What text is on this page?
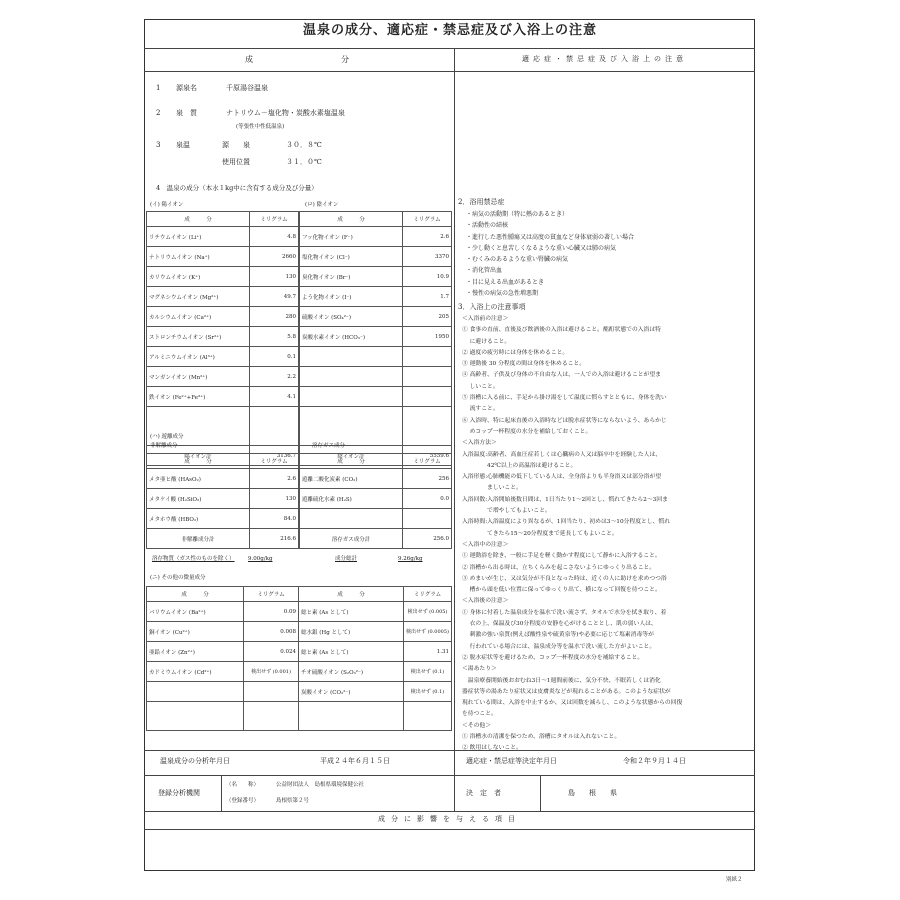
温泉の成分、適応症・禁忌症及び入浴上の注意
成　　　　　　　分	適応症・禁忌症及び入浴上の注意
1 源泉名	千原湯谷温泉
2 泉　質	ナトリウム－塩化物・炭酸水素塩温泉
(等張性中性低温泉)
3 泉温	源　　泉	３０．８℃
使用位置	３１．０℃
4　温泉の成分（本水１kg中に含有する成分及び分量）
(イ) 陽イオン	(ロ) 陰イオン
成　　　分	ミリグラム
リチウムイオン (Li⁺)	4.8
ナトリウムイオン (Na⁺)	2660
カリウムイオン (K⁺)	130
マグネシウムイオン (Mg²⁺)	49.7
カルシウムイオン (Ca²⁺)	280
ストロンチウムイオン (Sr²⁺)	5.8
アルミニウムイオン (Al³⁺)	0.1
マンガンイオン (Mn²⁺)	2.2
鉄イオン (Fe²⁺+Fe³⁺)	4.1

陽イオン計	3136.7
成　　　分	ミリグラム
フッ化物イオン (F⁻)	2.6
塩化物イオン (Cl⁻)	3370
臭化物イオン (Br⁻)	10.9
よう化物イオン (I⁻)	1.7
硫酸イオン (SO₄²⁻)	205
炭酸水素イオン (HCO₃⁻)	1950

陰イオン計	5559.6
(ハ) 遊離成分
非解離成分	溶存ガス成分
成　　　分	ミリグラム
メタ亜ヒ酸 (HAsO₂)	2.6
メタケイ酸 (H₂SiO₃)	130
メタホウ酸 (HBO₂)	84.0
非解離成分計	216.6
成　　　分	ミリグラム
遊離二酸化炭素 (CO₂)	256
遊離硫化水素 (H₂S)	0.0

溶存ガス成分計	256.0
溶存物質（ガス性のものを除く） 9.00g/kg	成分総計	9.26g/kg
(ニ) その他の微量成分
成　　　分	ミリグラム	成　　　分	ミリグラム
バリウムイオン (Ba²⁺)	0.09	総ヒ素 (As として)	検出せず (0.005)
銅イオン (Cu²⁺)	0.008	総水銀 (Hg として)	検出せず (0.0005)
亜鉛イオン (Zn²⁺)	0.024	総ヒ素 (As として)	1.31
カドミウムイオン (Cd²⁺)	検出せず (0.001)	チオ硫酸イオン (S₂O₃²⁻)	検出せず (0.1)
		炭酸イオン (CO₃²⁻)	検出せず (0.1)

2．浴用禁忌症
・病気の活動期（特に熱のあるとき）
・活動性の結核
・進行した悪性腫瘍又は高度の貧血など身体衰弱の著しい場合
・少し動くと息苦しくなるような重い心臓又は肺の病気
・むくみのあるような重い腎臓の病気
・消化管出血
・目に見える出血があるとき
・慢性の病気の急性増悪期
3．入浴上の注意事項
＜入浴前の注意＞
① 食事の直前、直後及び飲酒後の入浴は避けること。酩酊状態での入浴は特
　 に避けること。
② 過度の疲労時には身体を休めること。
③ 運動後 30 分程度の間は身体を休めること。
④ 高齢者、子供及び身体の不自由な人は、一人での入浴は避けることが望ま
　 しいこと。
⑤ 浴槽に入る前に、手足から掛け湯をして温度に慣らすとともに、身体を洗い
　 流すこと。
⑥ 入浴時、特に起床直後の入浴時などは脱水症状等にならないよう、あらかじ
　 めコップ一杯程度の水分を補給しておくこと。
＜入浴方法＞
入浴温度:高齢者、高血圧症若しくは心臓病の人又は脳卒中を経験した人は、
　　　　 42℃以上の高温浴は避けること。
入浴形態:心肺機能の低下している人は、全身浴よりも半身浴又は部分浴が望
　　　　 ましいこと。
入浴回数:入浴開始後数日間は、1日当たり1～2回とし、慣れてきたら2～3回ま
　　　　 で増やしてもよいこと。
入浴時間:入浴温度により異なるが、1回当たり、初めは3～10分程度とし、慣れ
　　　　 てきたら15～20分程度まで延長してもよいこと。
＜入浴中の注意＞
① 運動浴を除き、一般に手足を軽く動かす程度にして静かに入浴すること。
② 浴槽から出る時は、立ちくらみを起こさないようにゆっくり出ること。
③ めまいが生じ、又は気分が不良となった時は、近くの人に助けを求めつつ浴
　 槽から頭を低い位置に保ってゆっくり出て、横になって回復を待つこと。
＜入浴後の注意＞
① 身体に付着した温泉成分を温水で洗い流さず、タオルで水分を拭き取り、着
　 衣の上、保温及び30分程度の安静を心がけることとし、肌の弱い人は、
　 刺激の強い泉質(例えば酸性泉や硫黄泉等)や必要に応じて塩素消毒等が
　 行われている場合には、温泉成分等を温水で洗い流した方がよいこと。
② 脱水症状等を避けるため、コップ一杯程度の水分を補給すること。
＜湯あたり＞
　温泉療養開始後おおむね3日～1週間前後に、気分不快、不眠若しくは消化
器症状等の湯あたり症状又は皮膚炎などが現れることがある。このような症状が
現れている間は、入浴を中止するか、又は回数を減らし、このような状態からの回復
を待つこと。
＜その他＞
① 浴槽水の清潔を保つため、浴槽にタオルは入れないこと。
② 飲用はしないこと。
温泉成分の分析年月日	平成２４年６月１５日	適応症・禁忌症等決定年月日	令和２年９月１４日
登録分析機関
（名　　称）	公益財団法人　島根県環境保健公社
（登録番号）	島根県第２号
決　定　者	島　　根　　県
成分に影響を与える項目
別紙２
